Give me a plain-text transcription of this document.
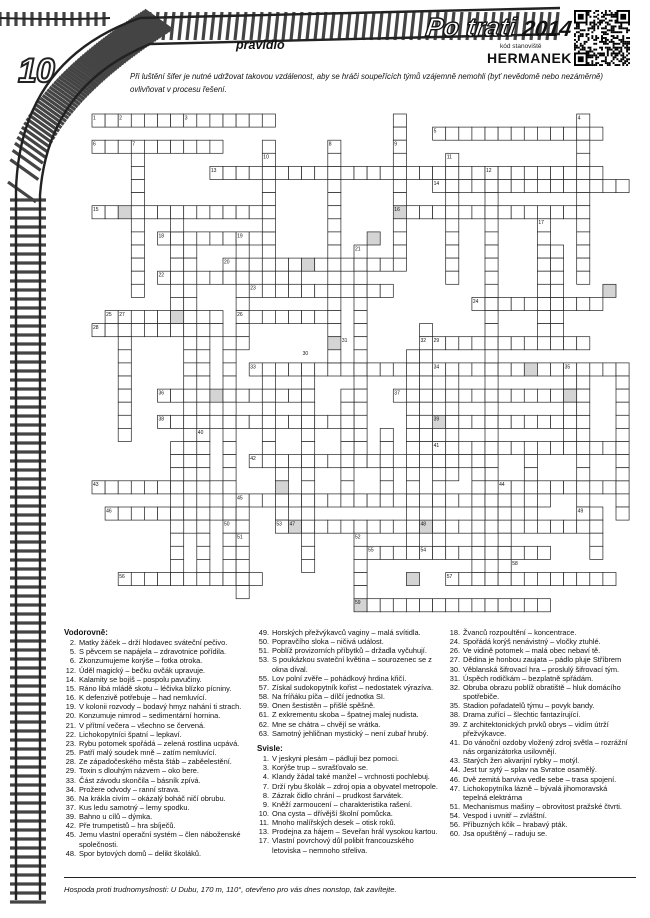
10
Po trati 2014
kód stanoviště
HERMANEK
pravidlo
Při luštění šifer je nutné udržovat takovou vzdálenost, aby se hráči soupeřících týmů vzájemně nemohli (byť nevědomě nebo nezáměrně) ovlivňovat v procesu řešení.
1	2	3	4
5
6	7	8	9
10	11
12
13
14
15	16
17
18	19
20
21
22
23
24
25	26
27
28
29
30
31	32
33	34	35
36	37
38	39
40
41
42
43	44
45
46
47	48
49
50
51	52
53
54
55
56	57
58
59
Vodorovně:
2. Matky žáček – drží hlodavec sváteční pečivo.
5. S pěvcem se napájela – zdravotnice pořídila.
6. Zkonzumujeme korýše – fotka otroka.
12. Úděl magický – bečku ovčák upravuje.
14. Kalamity se bojíš – pospolu pavučiny.
15. Ráno libá mládě skotu – léčivka blízko pícniny.
16. K defenzivě potřebuje – had nemluvící.
19. V kolonii rozvody – bodavý hmyz nahání ti strach.
20. Konzumuje nimrod – sedimentární hornina.
21. V přítmí večera – všechno se červená.
22. Lichokopytníci špatní – lepkaví.
23. Rybu potomek spořádá – zelená rostlina ucpává.
25. Patří malý soudek mně – zatím nemluvící.
28. Ze západočeského města štáb – zaběelestění.
29. Toxin s dlouhým názvem – oko bere.
33. Část závodu skončila – básník zpívá.
34. Prožere odvody – ranní strava.
36. Na krákla civím – okázalý boháč ničí obrubu.
37. Kus ledu samotný – lemy spodku.
39. Bahno u cílů – dýmka.
42. Pře trumpetistů – hra sbíječů.
45. Jemu vlastní operační systém – člen náboženské společnosti.
48. Spor bytových domů – delikt školáků.
49. Horských přežvýkavců vaginy – malá svítidla.
50. Popravčího sloka – ničivá událost.
51. Poblíž provizorních příbytků – držadla vyčuhují.
53. S poukázkou svateční květina – sourozenec se z okna díval.
55. Lov polní zvěře – pohádkový hrdina křičí.
57. Získal sudokopytník kořist – nedostatek výrazíva.
58. Na fríňáku píča – dílčí jednotka SI.
59. Onen šestistěn – přišlé spěšně.
61. Z exkrementu skoba – špatnej malej nudista.
62. Mne se chátra – chvějí se vrátka.
63. Samotný jehličnan mystický – není zubař hrubý.
Svisle:
1. V jeskyni plesám – pádluji bez pomoci.
3. Korýše trup – svrašťovalo se.
4. Klandy žádal také manžel – vrchnosti pochlebuj.
7. Drží rybu školák – zdroj opia a obyvatel metropole.
8. Zázrak čidlo chrání – prudkost šarvátek.
9. Kněží zarmoucení – charakteristika rašení.
10. Ona cysta – dřívější školní pomůcka.
11. Mnoho malířských desek – otisk roků.
13. Prodejna za hájem – Seveřan hrál vysokou kartou.
17. Vlastní povrchový důl polibit francouzského letoviska – nemnoho střeliva.
18. Žvanců rozpoultění – koncentrace.
24. Spořádá korýš nenávistný – vločky ztuhlé.
26. Ve vidině potomek – malá obec nebaví tě.
27. Dědina je honbou zaujata – pádlo pluje Stříbrem
30. Věblanská šifrovací hra – proslulý šifrovací tým.
31. Úspěch rodičkám – bezplatně spřádám.
32. Obruba obrazu poblíž obratiště – hluk domácího spotřebiče.
35. Stadion pořadatelů týmu – povyk bandy.
38. Drama zuřící – šlechtic fantazírující.
39. Z architektonických prvků obrys – vidím útrží přežvýkavce.
41. Do vánoční ozdoby vložený zdroj světla – rozrážní nás organizátorka usilovnějí.
43. Starých žen akvarijní rybky – motýl.
44. Jest tur sytý – splav na Svratce osamělý.
46. Dvě zemitá barviva vedle sebe – trasa spojení.
47. Lichokopytníka lázně – bývalá jihomoravská tepelná elektrárna
51. Mechanismus mašiny – obrovitost pražské čtvrti.
54. Vespod i uvnitř – zvláštní.
56. Příbuzných kčik – hrabavý pták.
60. Jsa opuštěný – raduju se.
Hospoda proti trudnomyslnosti: U Dubu, 170 m, 110°, otevřeno pro vás dnes nonstop, tak zavítejte.
